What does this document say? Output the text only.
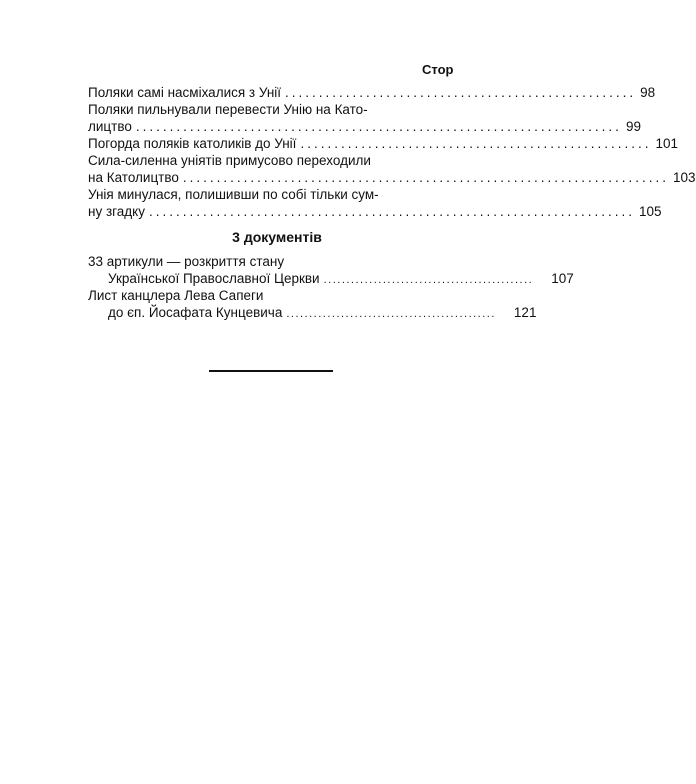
Стор
Поляки самі насміхалися з Унії .................................................... 98
Поляки пильнували перевести Унію на Като-
лицтво ........................................................................ 99
Погорда поляків католиків до Унії .................................................... 101
Сила-силенна уніятів примусово переходили
на Католицтво ........................................................................ 103
Унія минулася, полишивши по собі тільки сум-
ну згадку ........................................................................ 105
3 документів
33 артикули — розкриття стану
Української Православної Церкви ..............................................	107
Лист канцлера Лева Сапеги
до єп. Йосафата Кунцевича ..............................................	121
